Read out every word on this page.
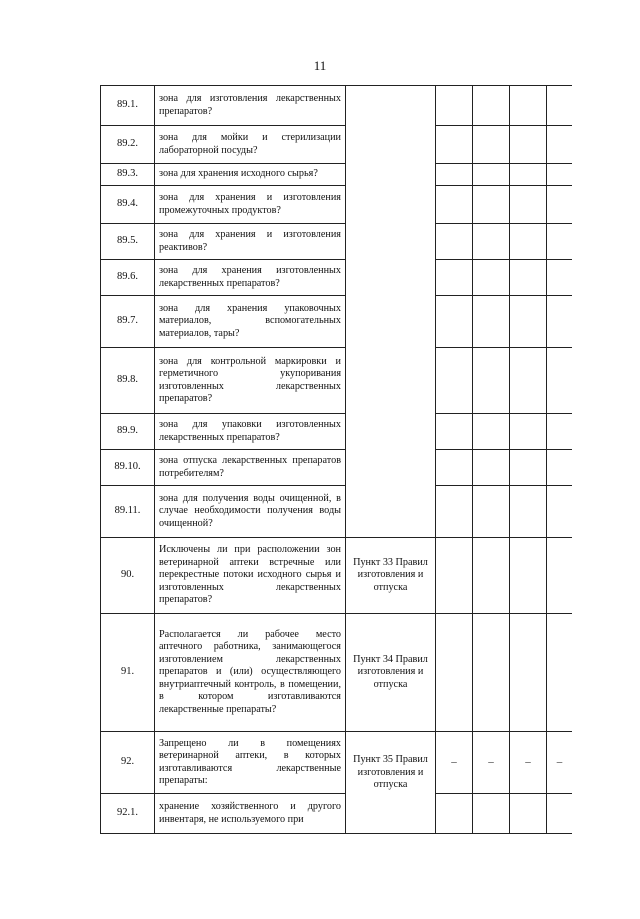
11
89.1.	зона для изготовления лекарственных препаратов?					
89.2.	зона для мойки и стерилизации лабораторной посуды?					
89.3.	зона для хранения исходного сырья?					
89.4.	зона для хранения и изготовления промежуточных продуктов?					
89.5.	зона для хранения и изготовления реактивов?					
89.6.	зона для хранения изготовленных лекарственных препаратов?					
89.7.	зона для хранения упаковочных материалов, вспомогательных материалов, тары?					
89.8.	зона для контрольной маркировки и герметичного укупоривания изготовленных лекарственных препаратов?					
89.9.	зона для упаковки изготовленных лекарственных препаратов?					
89.10.	зона отпуска лекарственных препаратов потребителям?					
89.11.	зона для получения воды очищенной, в случае необходимости получения воды очищенной?					
90.	Исключены ли при расположении зон ветеринарной аптеки встречные или перекрестные потоки исходного сырья и изготовленных лекарственных препаратов?	Пункт 33 Правил изготовления и отпуска				
91.	Располагается ли рабочее место аптечного работника, занимающегося изготовлением лекарственных препаратов и (или) осуществляющего внутриаптечный контроль, в помещении, в котором изготавливаются лекарственные препараты?	Пункт 34 Правил изготовления и отпуска				
92.	Запрещено ли в помещениях ветеринарной аптеки, в которых изготавливаются лекарственные препараты:	Пункт 35 Правил изготовления и отпуска	–	–	–	–
92.1.	хранение хозяйственного и другого инвентаря, не используемого при					
